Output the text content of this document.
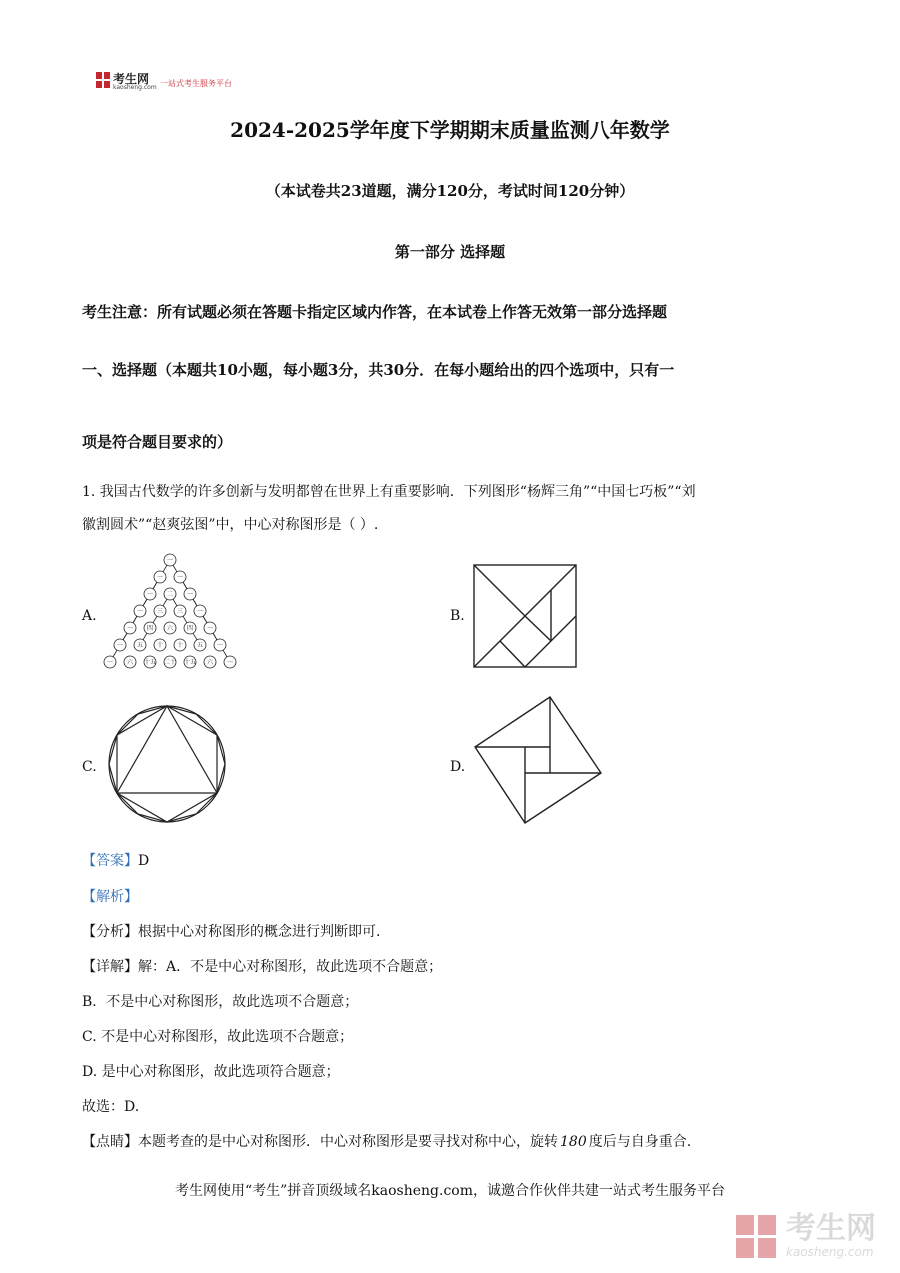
考生网
kaosheng.com 一站式考生服务平台
2024-2025学年度下学期期末质量监测八年数学
（本试卷共23道题，满分120分，考试时间120分钟）
第一部分 选择题
考生注意：所有试题必须在答题卡指定区域内作答，在本试卷上作答无效第一部分选择题
一、选择题（本题共10小题，每小题3分，共30分．在每小题给出的四个选项中，只有一
项是符合题目要求的）
1. 我国古代数学的许多创新与发明都曾在世界上有重要影响．下列图形“杨辉三角”“中国七巧板”“刘
徽割圆术”“赵爽弦图”中，中心对称图形是（ ）.
A.
一
一 一
一 二 一
一 三 三 一
一 四 六 四 一
一 五 十 十 五 一
一 六 十五 二十 十五 六 一
B.
C.	D.
【答案】D
【解析】
【分析】根据中心对称图形的概念进行判断即可.
【详解】解：A．不是中心对称图形，故此选项不合题意；
B．不是中心对称图形，故此选项不合题意；
C. 不是中心对称图形，故此选项不合题意；
D. 是中心对称图形，故此选项符合题意；
故选：D.
【点睛】本题考查的是中心对称图形．中心对称图形是要寻找对称中心，旋转 180 度后与自身重合.
考生网使用“考生”拼音顶级域名kaosheng.com，诚邀合作伙伴共建一站式考生服务平台
考生网
kaosheng.com
